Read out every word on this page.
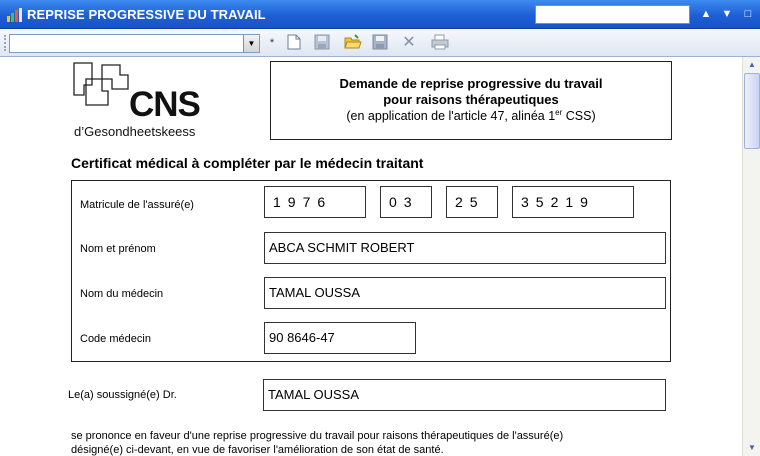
REPRISE PROGRESSIVE DU TRAVAIL	▲ ▼	□
▼	*	✕
CNS
d’Gesondheetskeess
Demande de reprise progressive du travail
pour raisons thérapeutiques
(en application de l'article 47, alinéa 1er CSS)
Certificat médical à compléter par le médecin traitant
Matricule de l'assuré(e)	1976	03	25	35219
Nom et prénom	ABCA SCHMIT ROBERT
Nom du médecin	TAMAL OUSSA
Code médecin	90 8646-47
Le(a) soussigné(e) Dr.	TAMAL OUSSA
se prononce en faveur d'une reprise progressive du travail pour raisons thérapeutiques de l'assuré(e)
désigné(e) ci-devant, en vue de favoriser l'amélioration de son état de santé.
▲
▼
